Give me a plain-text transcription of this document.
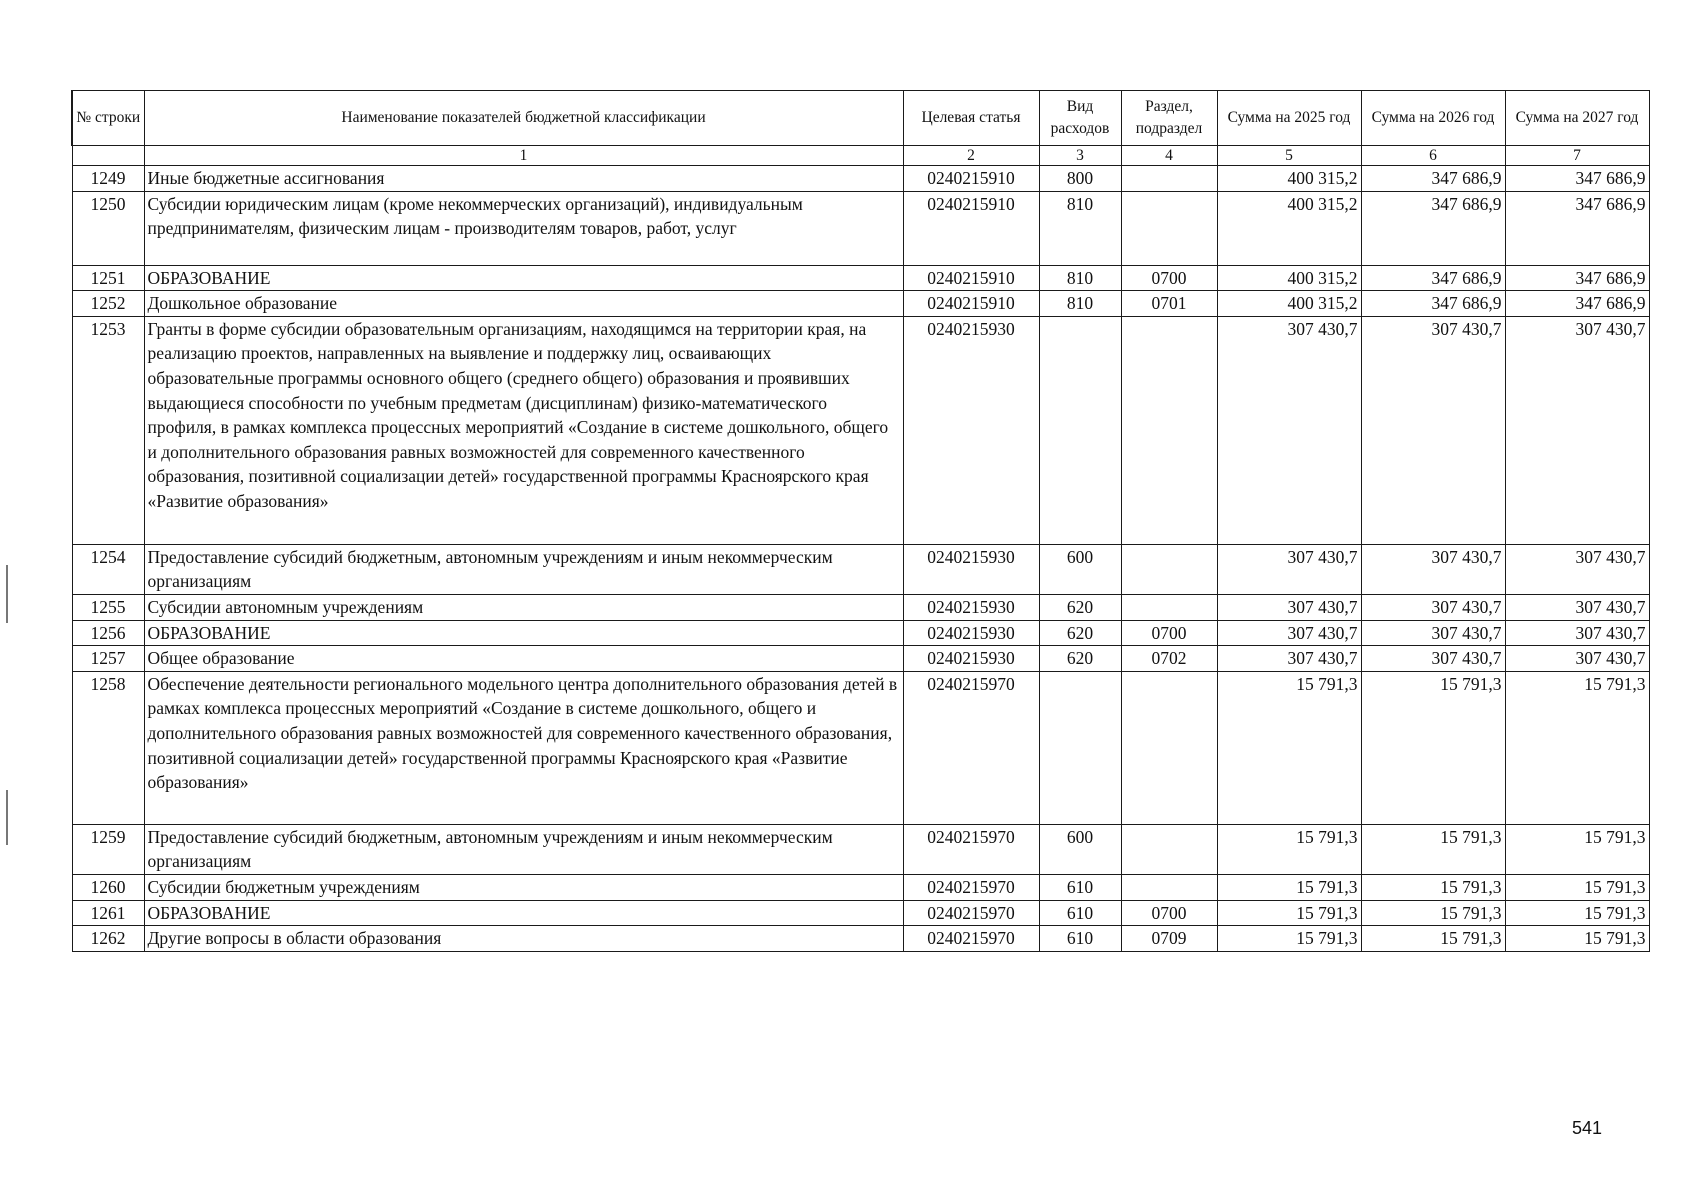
№ строки	Наименование показателей бюджетной классификации	Целевая статья	Вид расходов	Раздел, подраздел	Сумма на 2025 год	Сумма на 2026 год	Сумма на 2027 год
	1	2	3	4	5	6	7
1249	Иные бюджетные ассигнования	0240215910	800		400 315,2	347 686,9	347 686,9
1250	Субсидии юридическим лицам (кроме некоммерческих организаций), индивидуальным предпринимателям, физическим лицам - производителям товаров, работ, услуг	0240215910	810		400 315,2	347 686,9	347 686,9
1251	ОБРАЗОВАНИЕ	0240215910	810	0700	400 315,2	347 686,9	347 686,9
1252	Дошкольное образование	0240215910	810	0701	400 315,2	347 686,9	347 686,9
1253	Гранты в форме субсидии образовательным организациям, находящимся на территории края, на реализацию проектов, направленных на выявление и поддержку лиц, осваивающих образовательные программы основного общего (среднего общего) образования и проявивших выдающиеся способности по учебным предметам (дисциплинам) физико-математического профиля, в рамках комплекса процессных мероприятий «Создание в системе дошкольного, общего и дополнительного образования равных возможностей для современного качественного образования, позитивной социализации детей» государственной программы Красноярского края «Развитие образования»	0240215930			307 430,7	307 430,7	307 430,7
1254	Предоставление субсидий бюджетным, автономным учреждениям и иным некоммерческим организациям	0240215930	600		307 430,7	307 430,7	307 430,7
1255	Субсидии автономным учреждениям	0240215930	620		307 430,7	307 430,7	307 430,7
1256	ОБРАЗОВАНИЕ	0240215930	620	0700	307 430,7	307 430,7	307 430,7
1257	Общее образование	0240215930	620	0702	307 430,7	307 430,7	307 430,7
1258	Обеспечение деятельности регионального модельного центра дополнительного образования детей в рамках комплекса процессных мероприятий «Создание в системе дошкольного, общего и дополнительного образования равных возможностей для современного качественного образования, позитивной социализации детей» государственной программы Красноярского края «Развитие образования»	0240215970			15 791,3	15 791,3	15 791,3
1259	Предоставление субсидий бюджетным, автономным учреждениям и иным некоммерческим организациям	0240215970	600		15 791,3	15 791,3	15 791,3
1260	Субсидии бюджетным учреждениям	0240215970	610		15 791,3	15 791,3	15 791,3
1261	ОБРАЗОВАНИЕ	0240215970	610	0700	15 791,3	15 791,3	15 791,3
1262	Другие вопросы в области образования	0240215970	610	0709	15 791,3	15 791,3	15 791,3
541
